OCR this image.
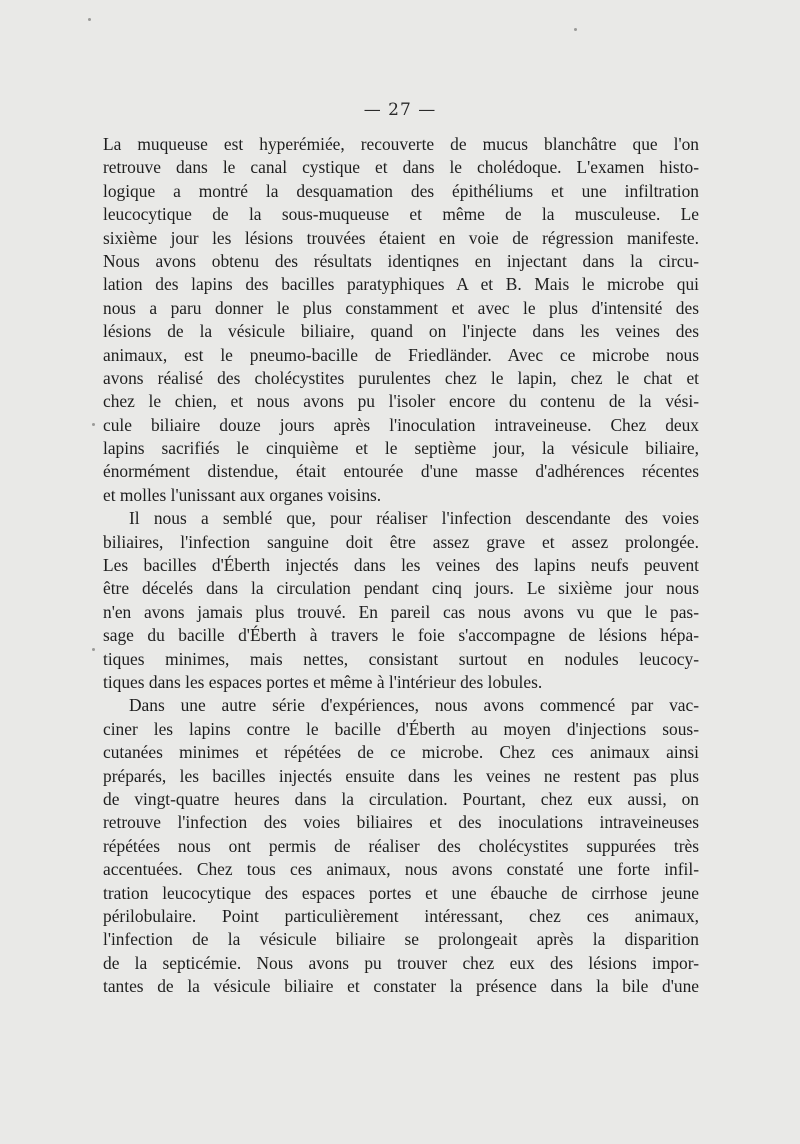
— 27 —
La muqueuse est hyperémiée, recouverte de mucus blanchâtre que l'on
retrouve dans le canal cystique et dans le cholédoque. L'examen histo-
logique a montré la desquamation des épithéliums et une infiltration
leucocytique de la sous-muqueuse et même de la musculeuse. Le
sixième jour les lésions trouvées étaient en voie de régression manifeste.
Nous avons obtenu des résultats identiqnes en injectant dans la circu-
lation des lapins des bacilles paratyphiques A et B. Mais le microbe qui
nous a paru donner le plus constamment et avec le plus d'intensité des
lésions de la vésicule biliaire, quand on l'injecte dans les veines des
animaux, est le pneumo-bacille de Friedländer. Avec ce microbe nous
avons réalisé des cholécystites purulentes chez le lapin, chez le chat et
chez le chien, et nous avons pu l'isoler encore du contenu de la vési-
cule biliaire douze jours après l'inoculation intraveineuse. Chez deux
lapins sacrifiés le cinquième et le septième jour, la vésicule biliaire,
énormément distendue, était entourée d'une masse d'adhérences récentes
et molles l'unissant aux organes voisins.
Il nous a semblé que, pour réaliser l'infection descendante des voies
biliaires, l'infection sanguine doit être assez grave et assez prolongée.
Les bacilles d'Éberth injectés dans les veines des lapins neufs peuvent
être décelés dans la circulation pendant cinq jours. Le sixième jour nous
n'en avons jamais plus trouvé. En pareil cas nous avons vu que le pas-
sage du bacille d'Éberth à travers le foie s'accompagne de lésions hépa-
tiques minimes, mais nettes, consistant surtout en nodules leucocy-
tiques dans les espaces portes et même à l'intérieur des lobules.
Dans une autre série d'expériences, nous avons commencé par vac-
ciner les lapins contre le bacille d'Éberth au moyen d'injections sous-
cutanées minimes et répétées de ce microbe. Chez ces animaux ainsi
préparés, les bacilles injectés ensuite dans les veines ne restent pas plus
de vingt-quatre heures dans la circulation. Pourtant, chez eux aussi, on
retrouve l'infection des voies biliaires et des inoculations intraveineuses
répétées nous ont permis de réaliser des cholécystites suppurées très
accentuées. Chez tous ces animaux, nous avons constaté une forte infil-
tration leucocytique des espaces portes et une ébauche de cirrhose jeune
périlobulaire. Point particulièrement intéressant, chez ces animaux,
l'infection de la vésicule biliaire se prolongeait après la disparition
de la septicémie. Nous avons pu trouver chez eux des lésions impor-
tantes de la vésicule biliaire et constater la présence dans la bile d'une
